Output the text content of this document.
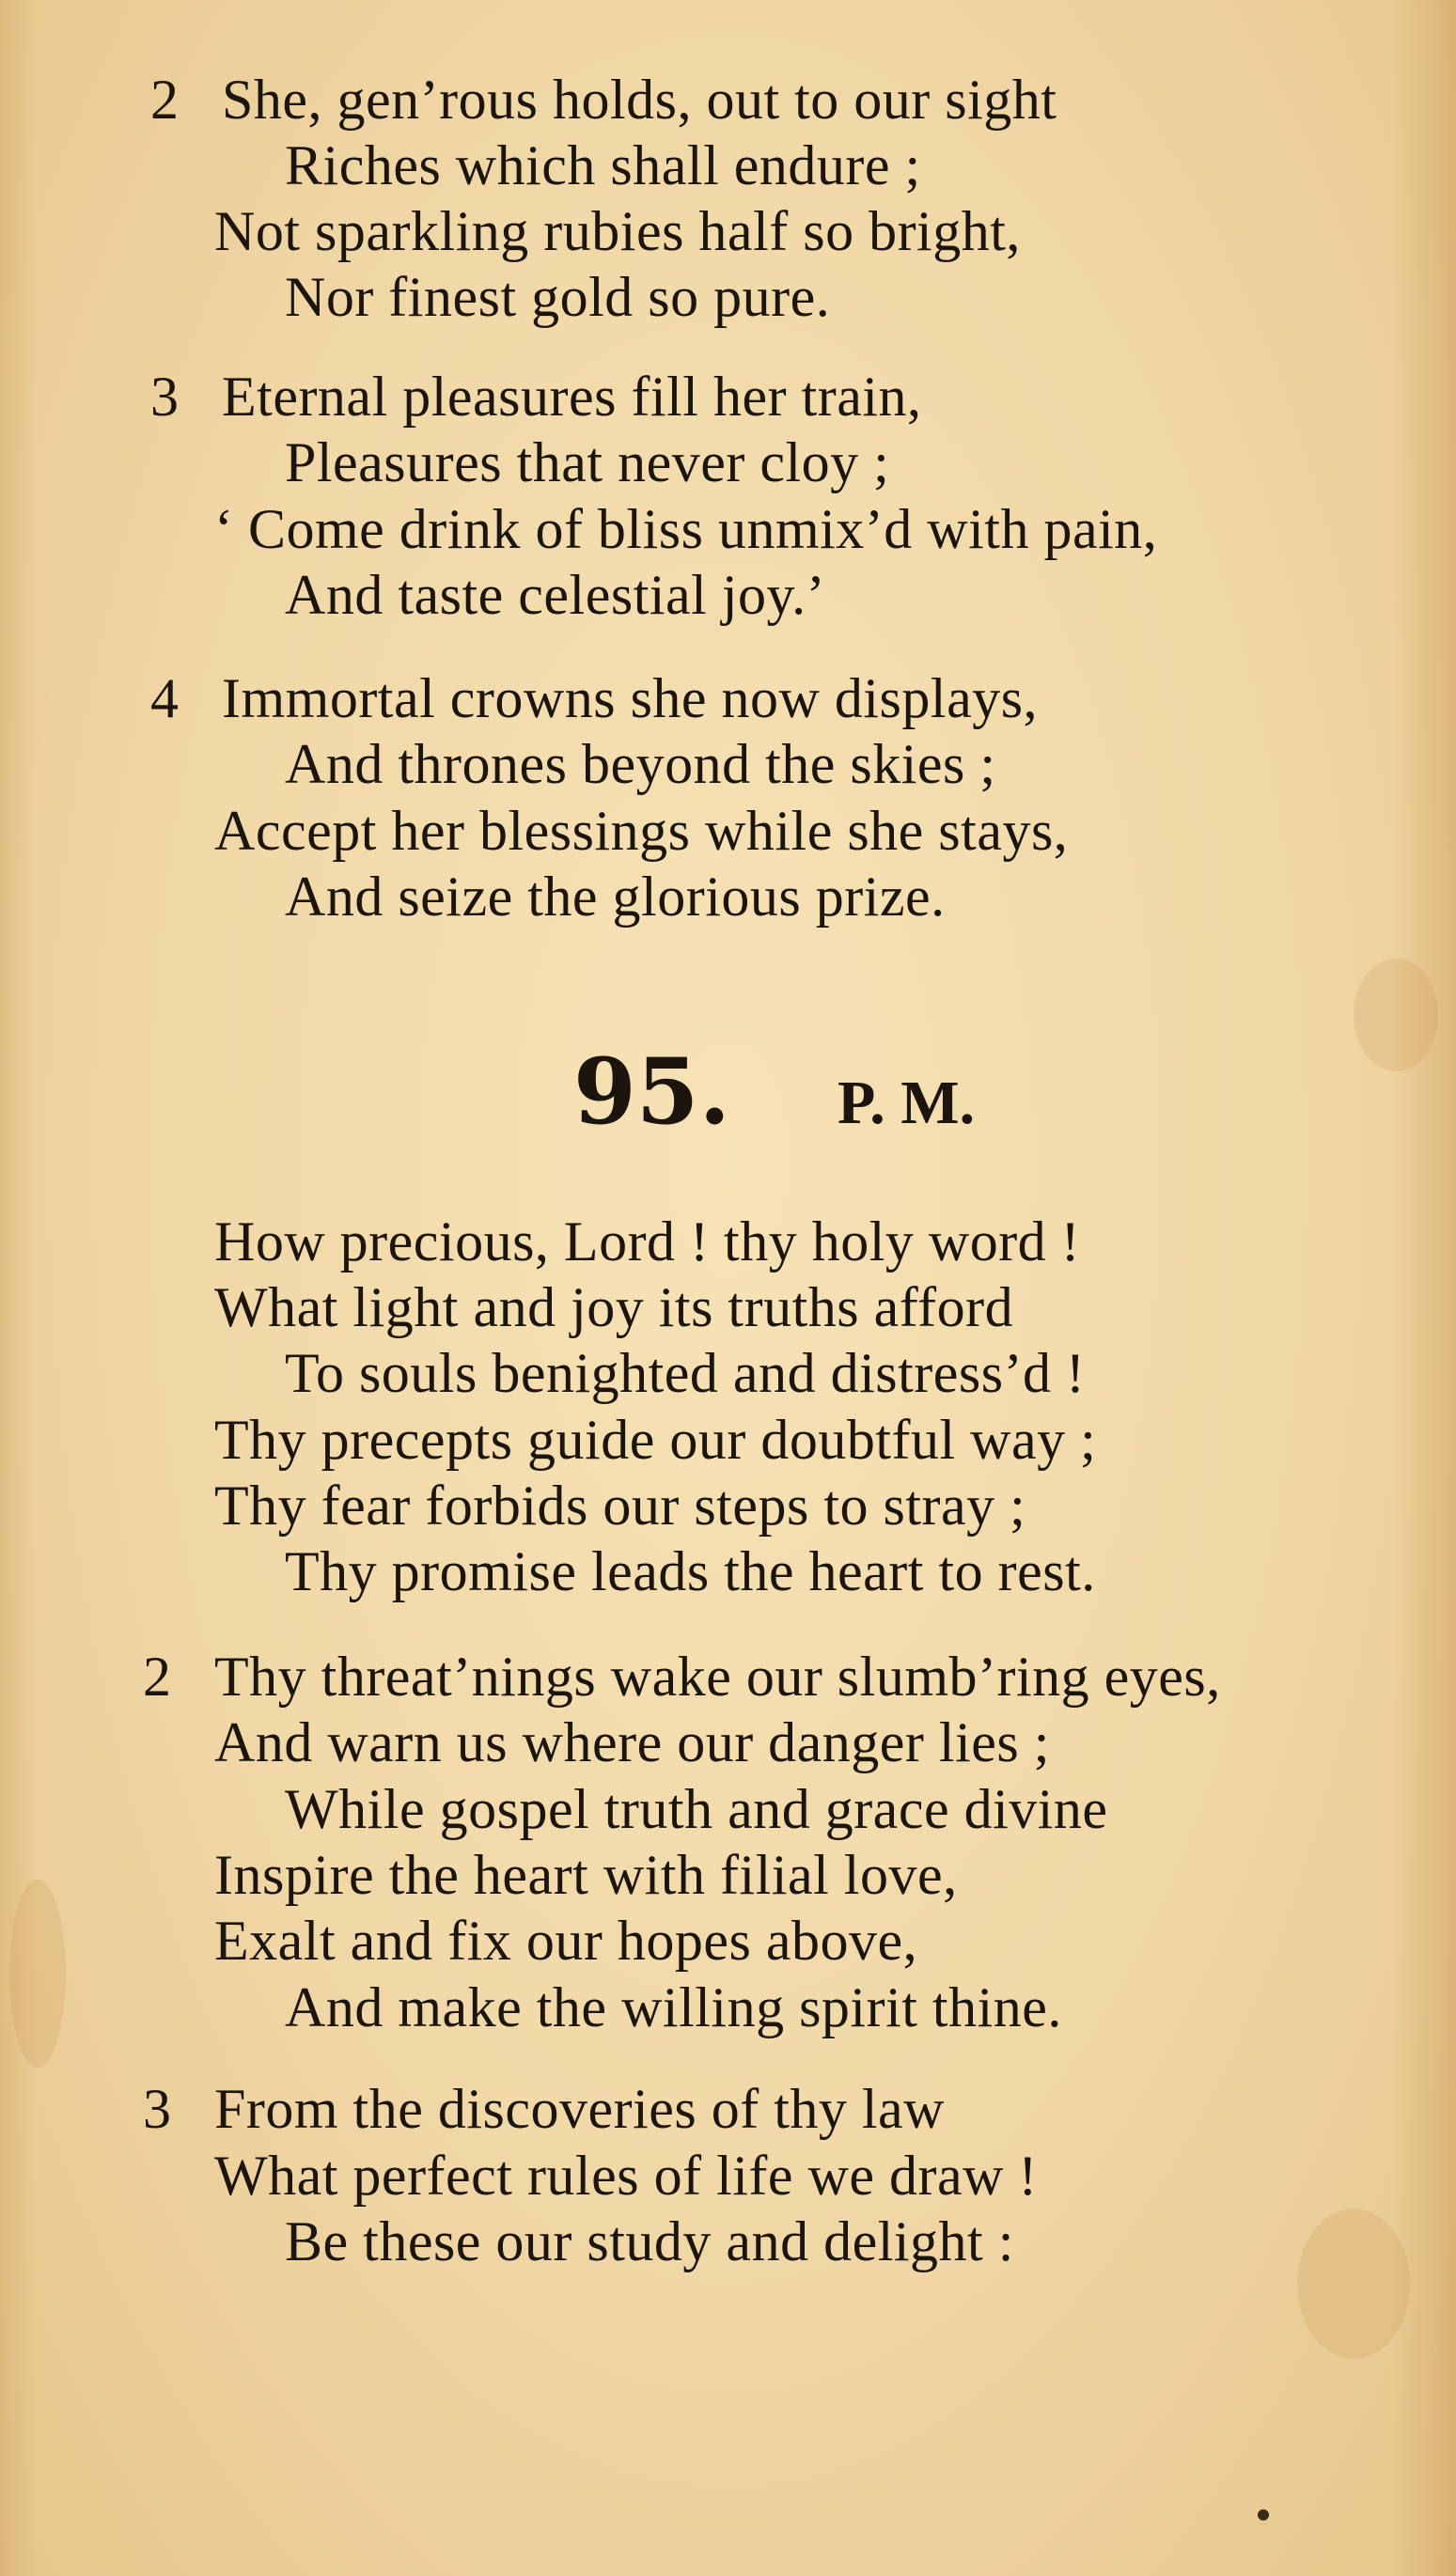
2 She, gen’rous holds, out to our sight
Riches which shall endure ;
Not sparkling rubies half so bright,
Nor finest gold so pure.
3 Eternal pleasures fill her train,
Pleasures that never cloy ;
‘ Come drink of bliss unmix’d with pain,
And taste celestial joy.’
4 Immortal crowns she now displays,
And thrones beyond the skies ;
Accept her blessings while she stays,
And seize the glorious prize.
95. P. M.
How precious, Lord ! thy holy word !
What light and joy its truths afford
To souls benighted and distress’d !
Thy precepts guide our doubtful way ;
Thy fear forbids our steps to stray ;
Thy promise leads the heart to rest.
2 Thy threat’nings wake our slumb’ring eyes,
And warn us where our danger lies ;
While gospel truth and grace divine
Inspire the heart with filial love,
Exalt and fix our hopes above,
And make the willing spirit thine.
3 From the discoveries of thy law
What perfect rules of life we draw !
Be these our study and delight :
